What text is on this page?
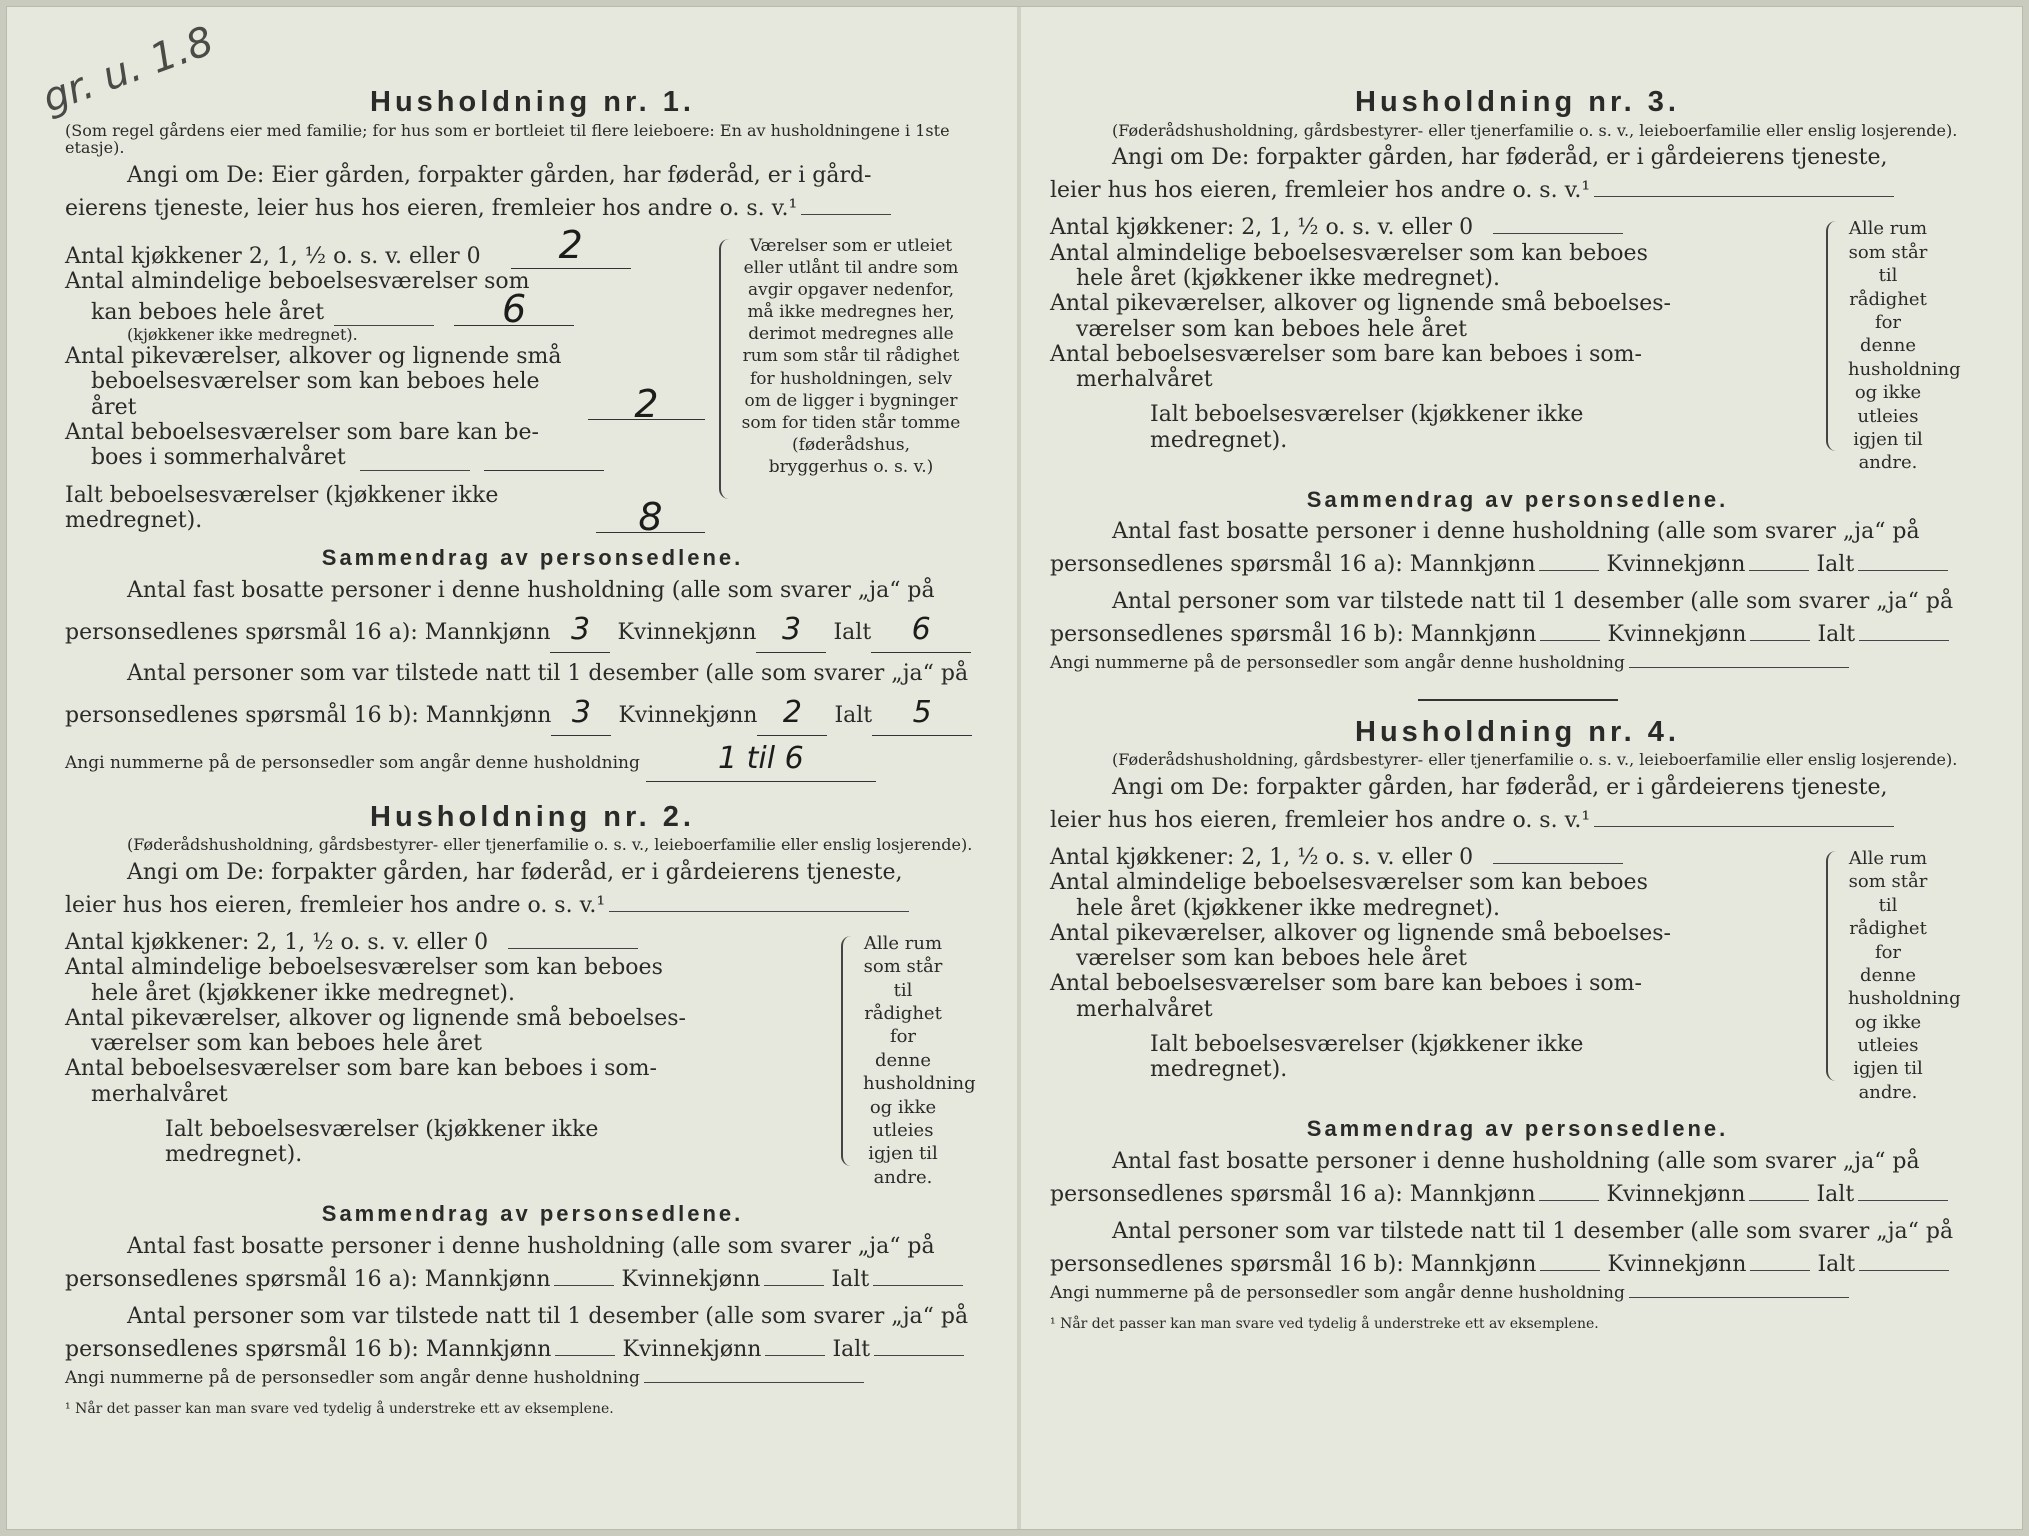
gr. u. 1.8	Husholdning nr. 1.
(Som regel gårdens eier med familie; for hus som er bortleiet til flere leieboere: En av husholdningene i 1ste etasje).
Angi om De: Eier gården, forpakter gården, har føderåd, er i gård-
eierens tjeneste, leier hus hos eieren, fremleier hos andre o. s. v.¹
Antal kjøkkener 2, 1, ½ o. s. v. eller 0	2
Antal almindelige beboelsesværelser som
kan beboes hele året	6
(kjøkkener ikke medregnet).
Antal pikeværelser, alkover og lignende små
beboelsesværelser som kan beboes hele året	2
Antal beboelsesværelser som bare kan be-
boes i sommerhalvåret
Ialt beboelsesværelser (kjøkkener ikke medregnet).	8
Værelser som er utleiet eller utlånt til andre som avgir opgaver nedenfor, må ikke medregnes her, derimot medregnes alle rum som står til rådighet for husholdningen, selv om de ligger i bygninger som for tiden står tomme (føderådshus, bryggerhus o. s. v.)
Sammendrag av personsedlene.
Antal fast bosatte personer i denne husholdning (alle som svarer „ja“ på
personsedlenes spørsmål 16 a): Mannkjønn 3 Kvinnekjønn 3 Ialt 6
Antal personer som var tilstede natt til 1 desember (alle som svarer „ja“ på
personsedlenes spørsmål 16 b): Mannkjønn 3 Kvinnekjønn 2 Ialt 5
Angi nummerne på de personsedler som angår denne husholdning	1 til 6
Husholdning nr. 2.
(Føderådshusholdning, gårdsbestyrer- eller tjenerfamilie o. s. v., leieboerfamilie eller enslig losjerende).
Angi om De: forpakter gården, har føderåd, er i gårdeierens tjeneste,
leier hus hos eieren, fremleier hos andre o. s. v.¹
Antal kjøkkener: 2, 1, ½ o. s. v. eller 0
Antal almindelige beboelsesværelser som kan beboes
hele året (kjøkkener ikke medregnet).
Antal pikeværelser, alkover og lignende små beboelses-
værelser som kan beboes hele året
Antal beboelsesværelser som bare kan beboes i som-
merhalvåret
Ialt beboelsesværelser (kjøkkener ikke medregnet).
Alle rum som står til rådighet for denne husholdning og ikke utleies igjen til andre.
Sammendrag av personsedlene.
Antal fast bosatte personer i denne husholdning (alle som svarer „ja“ på
personsedlenes spørsmål 16 a): Mannkjønn	Kvinnekjønn	Ialt
Antal personer som var tilstede natt til 1 desember (alle som svarer „ja“ på
personsedlenes spørsmål 16 b): Mannkjønn	Kvinnekjønn	Ialt
Angi nummerne på de personsedler som angår denne husholdning
¹ Når det passer kan man svare ved tydelig å understreke ett av eksemplene.
Husholdning nr. 3.
(Føderådshusholdning, gårdsbestyrer- eller tjenerfamilie o. s. v., leieboerfamilie eller enslig losjerende).
Angi om De: forpakter gården, har føderåd, er i gårdeierens tjeneste,
leier hus hos eieren, fremleier hos andre o. s. v.¹
Antal kjøkkener: 2, 1, ½ o. s. v. eller 0
Antal almindelige beboelsesværelser som kan beboes
hele året (kjøkkener ikke medregnet).
Antal pikeværelser, alkover og lignende små beboelses-
værelser som kan beboes hele året
Antal beboelsesværelser som bare kan beboes i som-
merhalvåret
Ialt beboelsesværelser (kjøkkener ikke medregnet).
Alle rum som står til rådighet for denne husholdning og ikke utleies igjen til andre.
Sammendrag av personsedlene.
Antal fast bosatte personer i denne husholdning (alle som svarer „ja“ på
personsedlenes spørsmål 16 a): Mannkjønn	Kvinnekjønn	Ialt
Antal personer som var tilstede natt til 1 desember (alle som svarer „ja“ på
personsedlenes spørsmål 16 b): Mannkjønn	Kvinnekjønn	Ialt
Angi nummerne på de personsedler som angår denne husholdning
Husholdning nr. 4.
(Føderådshusholdning, gårdsbestyrer- eller tjenerfamilie o. s. v., leieboerfamilie eller enslig losjerende).
Angi om De: forpakter gården, har føderåd, er i gårdeierens tjeneste,
leier hus hos eieren, fremleier hos andre o. s. v.¹
Antal kjøkkener: 2, 1, ½ o. s. v. eller 0
Antal almindelige beboelsesværelser som kan beboes
hele året (kjøkkener ikke medregnet).
Antal pikeværelser, alkover og lignende små beboelses-
værelser som kan beboes hele året
Antal beboelsesværelser som bare kan beboes i som-
merhalvåret
Ialt beboelsesværelser (kjøkkener ikke medregnet).
Alle rum som står til rådighet for denne husholdning og ikke utleies igjen til andre.
Sammendrag av personsedlene.
Antal fast bosatte personer i denne husholdning (alle som svarer „ja“ på
personsedlenes spørsmål 16 a): Mannkjønn	Kvinnekjønn	Ialt
Antal personer som var tilstede natt til 1 desember (alle som svarer „ja“ på
personsedlenes spørsmål 16 b): Mannkjønn	Kvinnekjønn	Ialt
Angi nummerne på de personsedler som angår denne husholdning
¹ Når det passer kan man svare ved tydelig å understreke ett av eksemplene.
